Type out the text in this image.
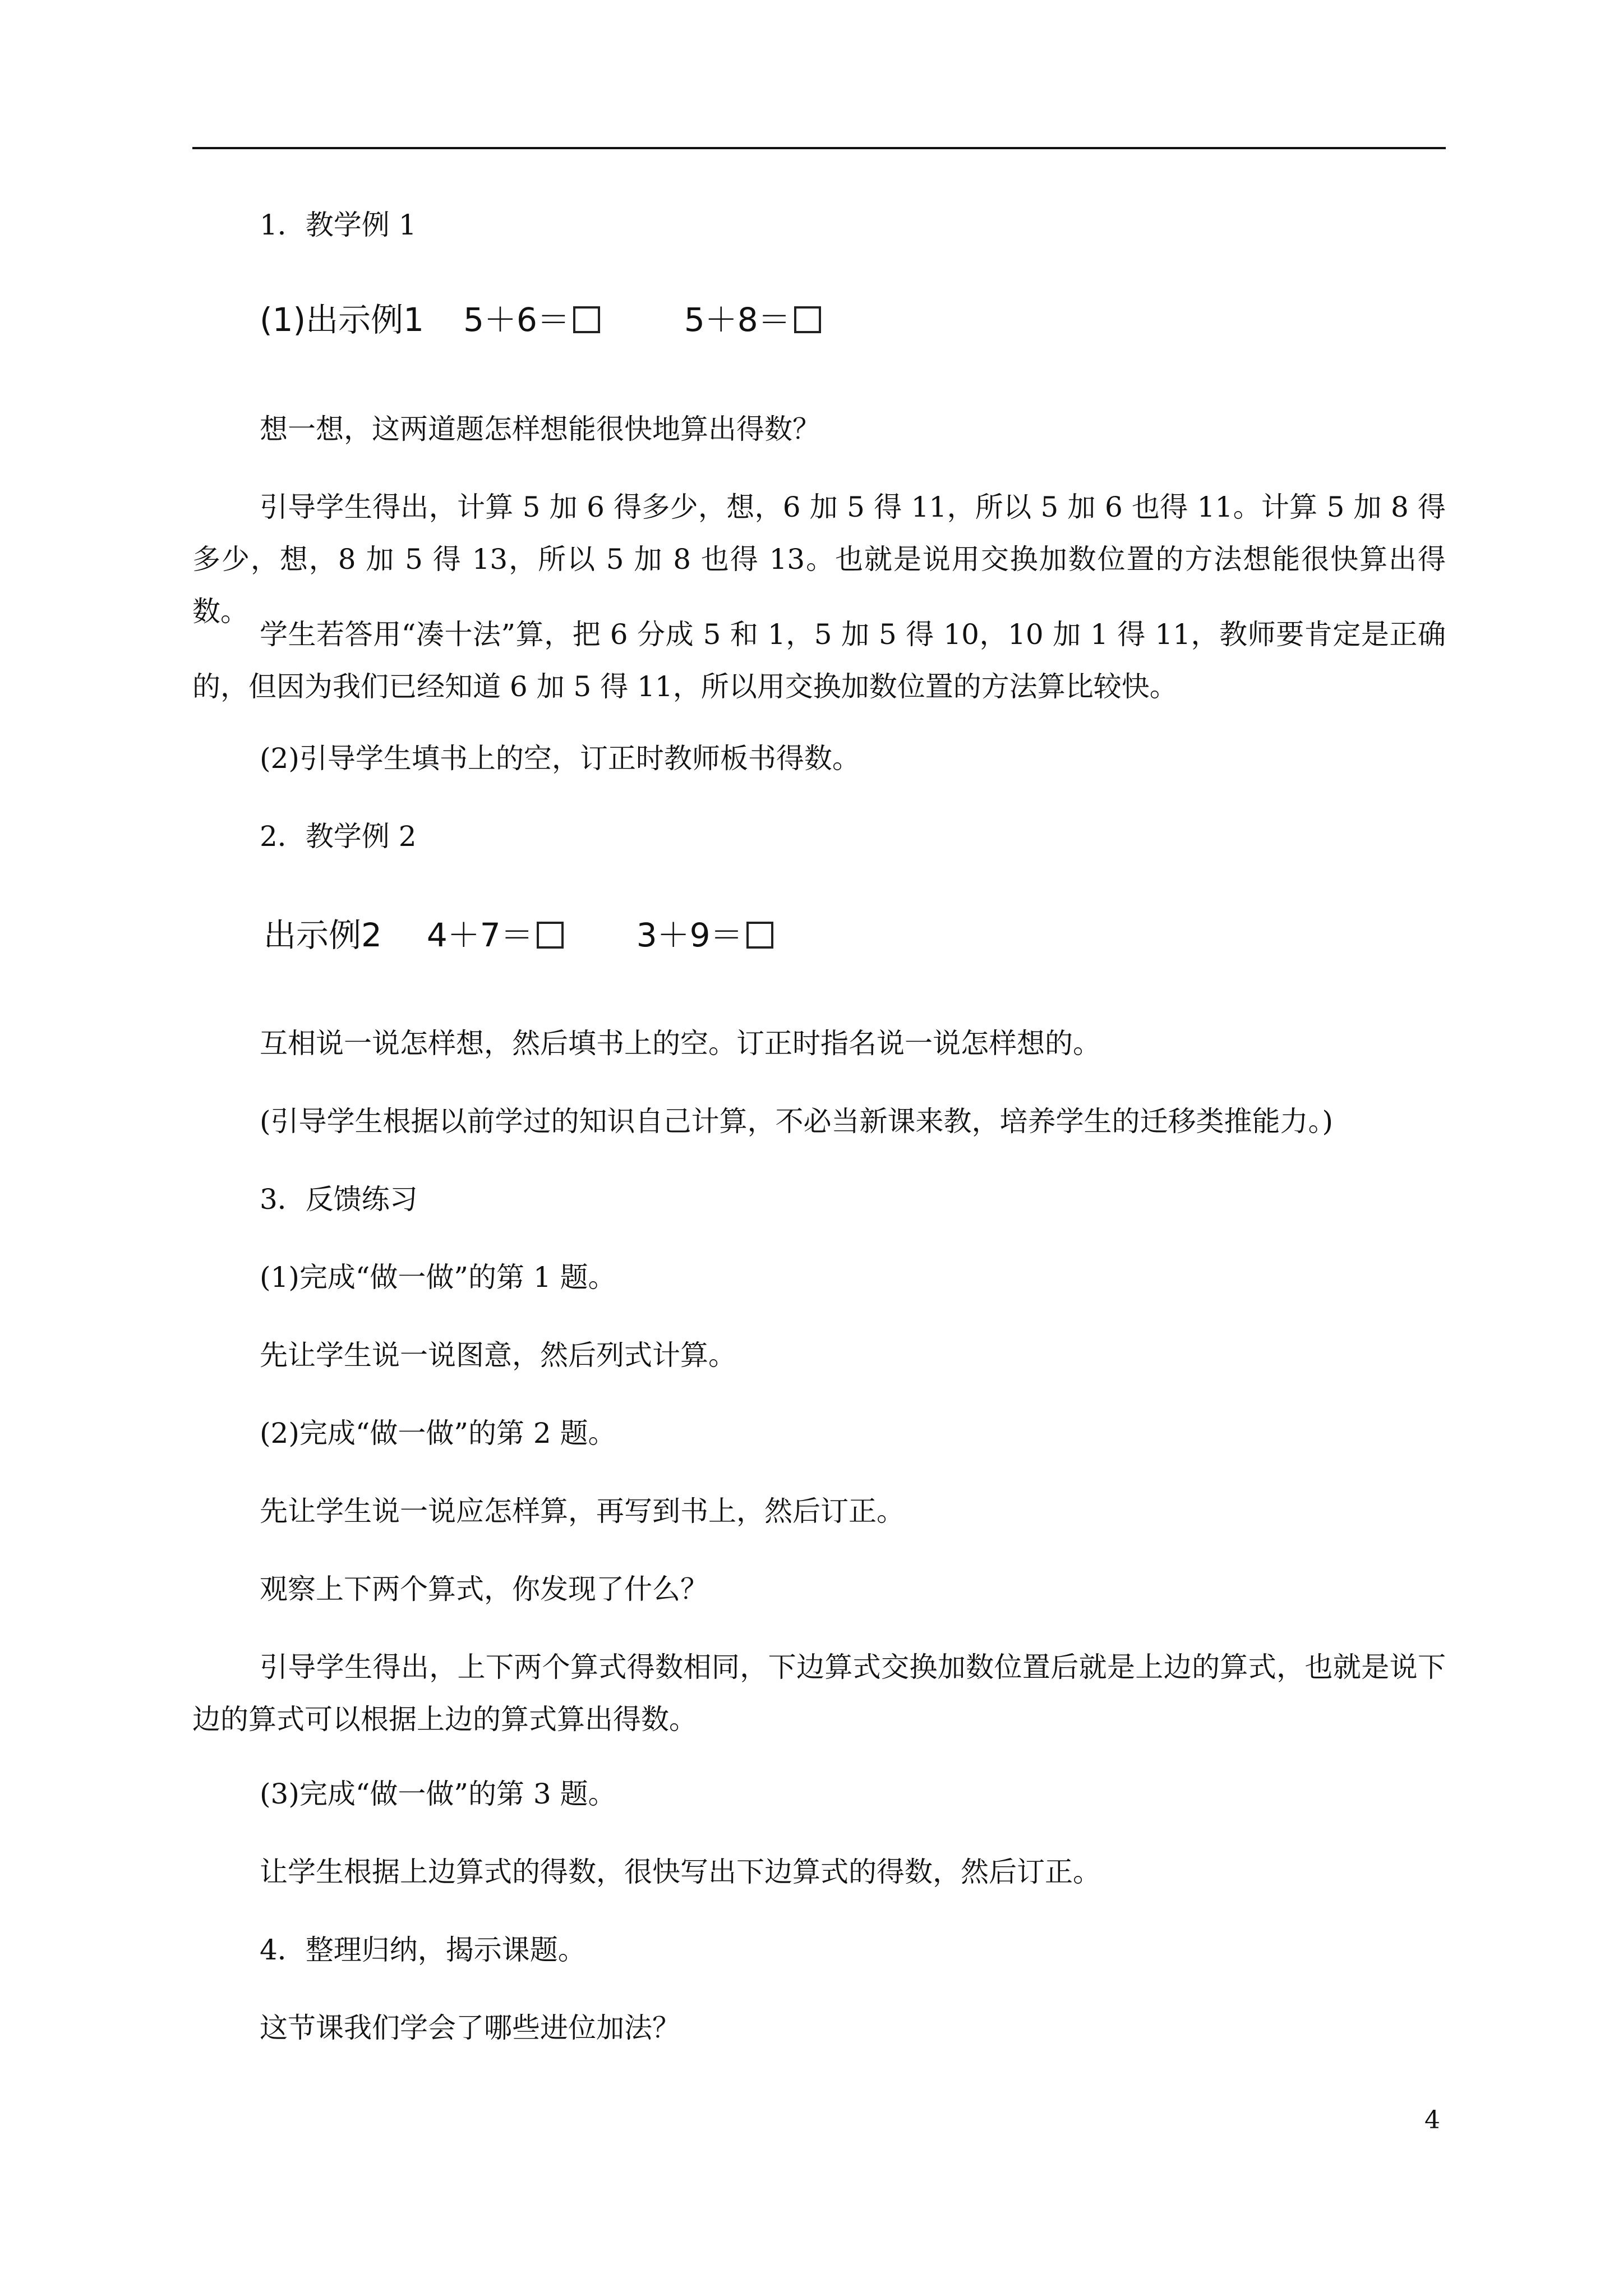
1．教学例 1

(1)出示例1 5＋6＝	5＋8＝

想一想，这两道题怎样想能很快地算出得数？

引导学生得出，计算 5 加 6 得多少，想，6 加 5 得 11，所以 5 加 6 也得 11。计算 5 加 8 得多少，想，8 加 5 得 13，所以 5 加 8 也得 13。也就是说用交换加数位置的方法想能很快算出得数。

学生若答用“凑十法”算，把 6 分成 5 和 1，5 加 5 得 10，10 加 1 得 11，教师要肯定是正确的，但因为我们已经知道 6 加 5 得 11，所以用交换加数位置的方法算比较快。

(2)引导学生填书上的空，订正时教师板书得数。

2．教学例 2

出示例2 4＋7＝	3＋9＝

互相说一说怎样想，然后填书上的空。订正时指名说一说怎样想的。

(引导学生根据以前学过的知识自己计算，不必当新课来教，培养学生的迁移类推能力。)

3．反馈练习

(1)完成“做一做”的第 1 题。

先让学生说一说图意，然后列式计算。

(2)完成“做一做”的第 2 题。

先让学生说一说应怎样算，再写到书上，然后订正。

观察上下两个算式，你发现了什么？

引导学生得出，上下两个算式得数相同，下边算式交换加数位置后就是上边的算式，也就是说下边的算式可以根据上边的算式算出得数。

(3)完成“做一做”的第 3 题。

让学生根据上边算式的得数，很快写出下边算式的得数，然后订正。

4．整理归纳，揭示课题。

这节课我们学会了哪些进位加法？

4
